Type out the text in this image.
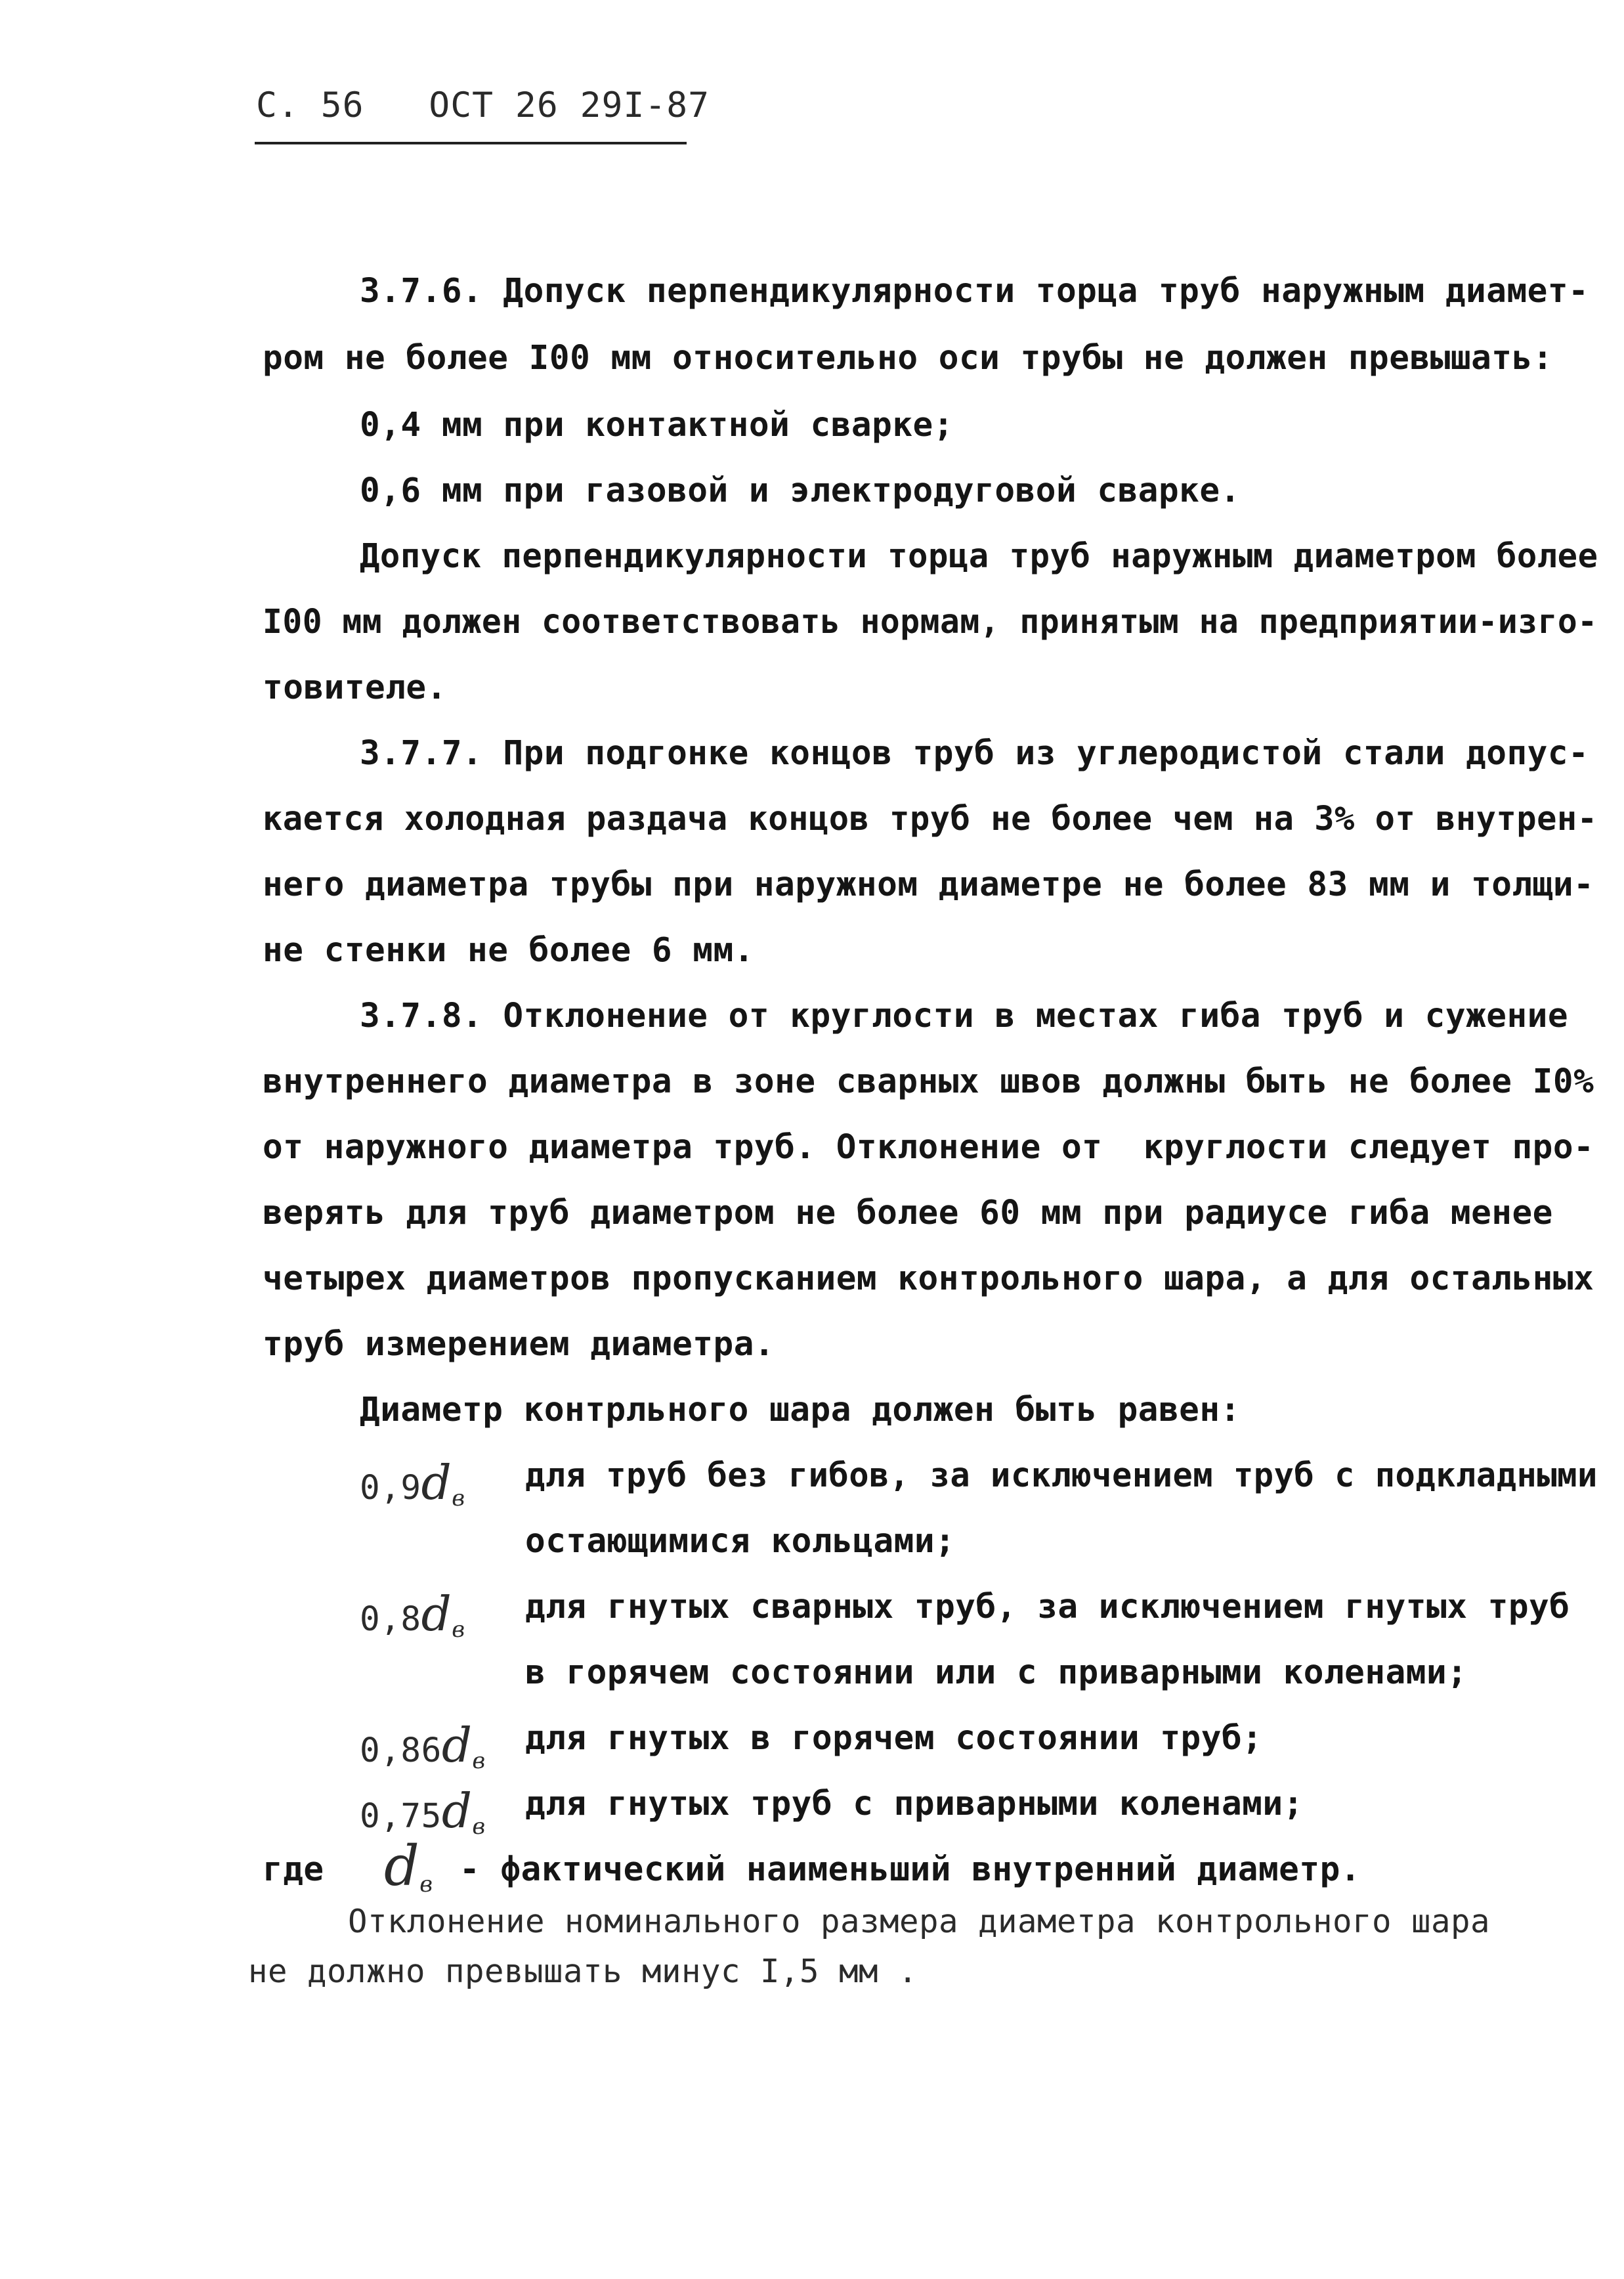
С. 56 ОСТ 26 29I-87
3.7.6. Допуск перпендикулярности торца труб наружным диамет-
ром не более I00 мм относительно оси трубы не должен превышать:
0,4 мм при контактной сварке;
0,6 мм при газовой и электродуговой сварке.
Допуск перпендикулярности торца труб наружным диаметром более
I00 мм должен соответствовать нормам, принятым на предприятии-изго-
товителе.
3.7.7. При подгонке концов труб из углеродистой стали допус-
кается холодная раздача концов труб не более чем на 3% от внутрен-
него диаметра трубы при наружном диаметре не более 83 мм и толщи-
не стенки не более 6 мм.
3.7.8. Отклонение от круглости в местах гиба труб и сужение
внутреннего диаметра в зоне сварных швов должны быть не более I0%
от наружного диаметра труб. Отклонение от  круглости следует про-
верять для труб диаметром не более 60 мм при радиусе гиба менее
четырех диаметров пропусканием контрольного шара, а для остальных
труб измерением диаметра.
Диаметр контрльного шара должен быть равен:
$0,9d_в$
для труб без гибов, за исключением труб с подкладными
остающимися кольцами;
$0,8d_в$
для гнутых сварных труб, за исключением гнутых труб
в горячем состоянии или с приварными коленами;
$0,86d_в$
для гнутых в горячем состоянии труб;
$0,75d_в$
для гнутых труб с приварными коленами;
где $d_в$ - фактический наименьший внутренний диаметр.
Отклонение номинального размера диаметра контрольного шара
не должно превышать минус I,5 мм .
